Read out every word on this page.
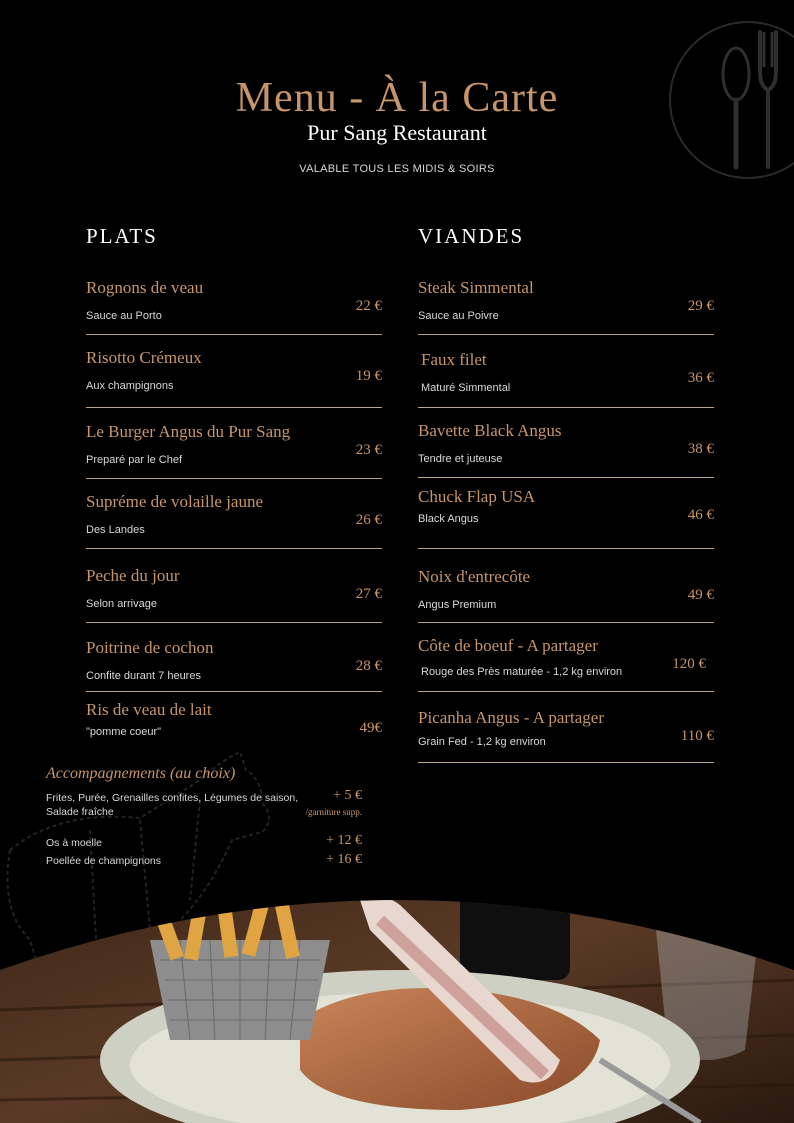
Menu - À la Carte
Pur Sang Restaurant
VALABLE TOUS LES MIDIS & SOIRS
PLATS	VIANDES
Rognons de veau
Sauce au Porto
22 €
Risotto Crémeux
Aux champignons
19 €
Le Burger Angus du Pur Sang
Preparé par le Chef
23 €
Supréme de volaille jaune
Des Landes
26 €
Peche du jour
Selon arrivage
27 €
Poitrine de cochon
Confite durant 7 heures
28 €
Ris de veau de lait
"pomme coeur"	49€
Steak Simmental
Sauce au Poivre
29 €
Faux filet
Maturé Simmental
36 €
Bavette Black Angus
Tendre et juteuse
38 €
Chuck Flap USA
Black Angus	46 €
Noix d'entrecôte
Angus Premium
49 €
Côte de boeuf - A partager
Rouge des Près maturée - 1,2 kg environ	120 €
Picanha Angus - A partager
Grain Fed - 1,2 kg environ	110 €
Accompagnements (au choix)
Frites, Purée, Grenailles confites, Légumes de saison, Salade fraîche
+ 5 €
/garniture supp.
Os à moelle	+ 12 €
Poellée de champignons	+ 16 €
